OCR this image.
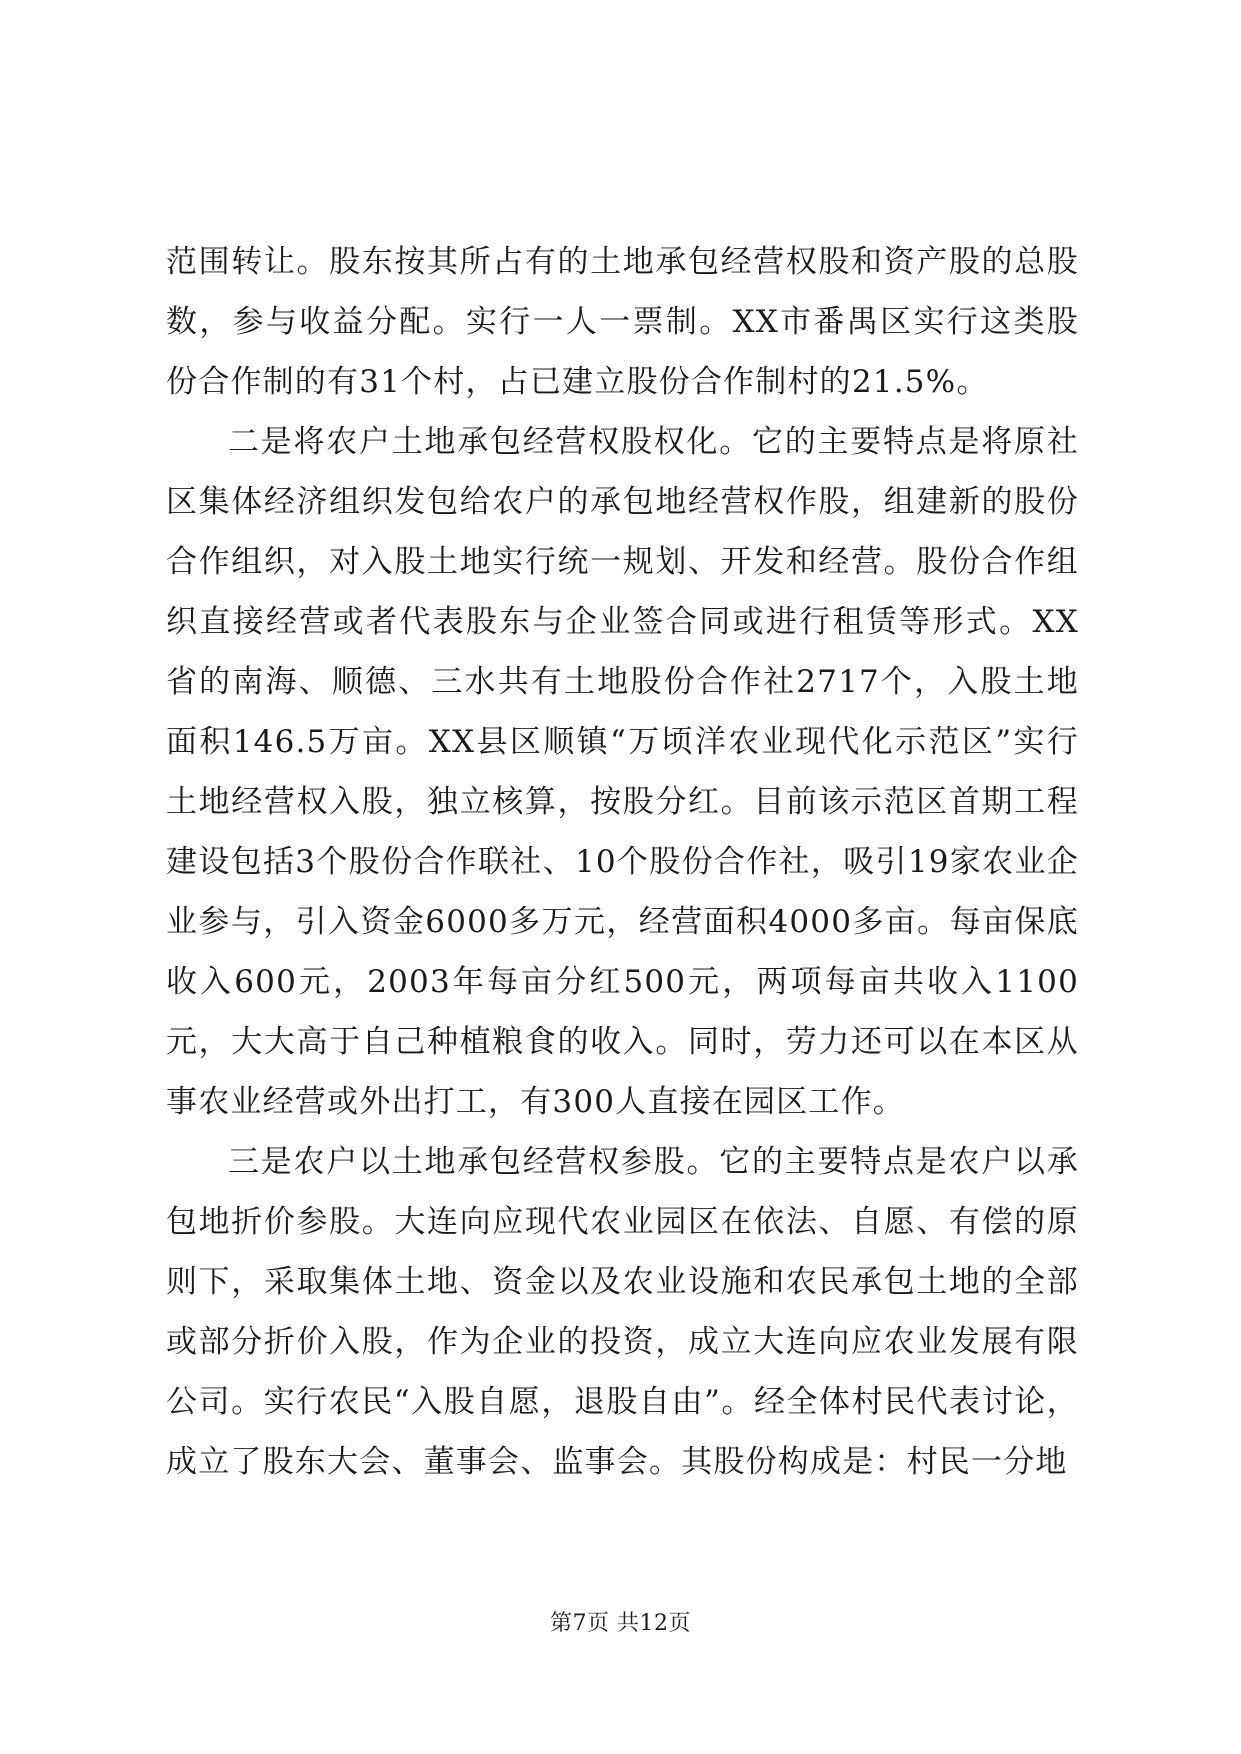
范围转让。股东按其所占有的土地承包经营权股和资产股的总股数，参与收益分配。实行一人一票制。XX市番禺区实行这类股份合作制的有31个村，占已建立股份合作制村的21.5%。

二是将农户土地承包经营权股权化。它的主要特点是将原社区集体经济组织发包给农户的承包地经营权作股，组建新的股份合作组织，对入股土地实行统一规划、开发和经营。股份合作组织直接经营或者代表股东与企业签合同或进行租赁等形式。XX省的南海、顺德、三水共有土地股份合作社2717个，入股土地面积146.5万亩。XX县区顺镇“万顷洋农业现代化示范区”实行土地经营权入股，独立核算，按股分红。目前该示范区首期工程建设包括3个股份合作联社、10个股份合作社，吸引19家农业企业参与，引入资金6000多万元，经营面积4000多亩。每亩保底收入600元，2003年每亩分红500元，两项每亩共收入1100元，大大高于自己种植粮食的收入。同时，劳力还可以在本区从事农业经营或外出打工，有300人直接在园区工作。

三是农户以土地承包经营权参股。它的主要特点是农户以承包地折价参股。大连向应现代农业园区在依法、自愿、有偿的原则下，采取集体土地、资金以及农业设施和农民承包土地的全部或部分折价入股，作为企业的投资，成立大连向应农业发展有限公司。实行农民“入股自愿，退股自由”。经全体村民代表讨论，成立了股东大会、董事会、监事会。其股份构成是：村民一分地

第7页 共12页
